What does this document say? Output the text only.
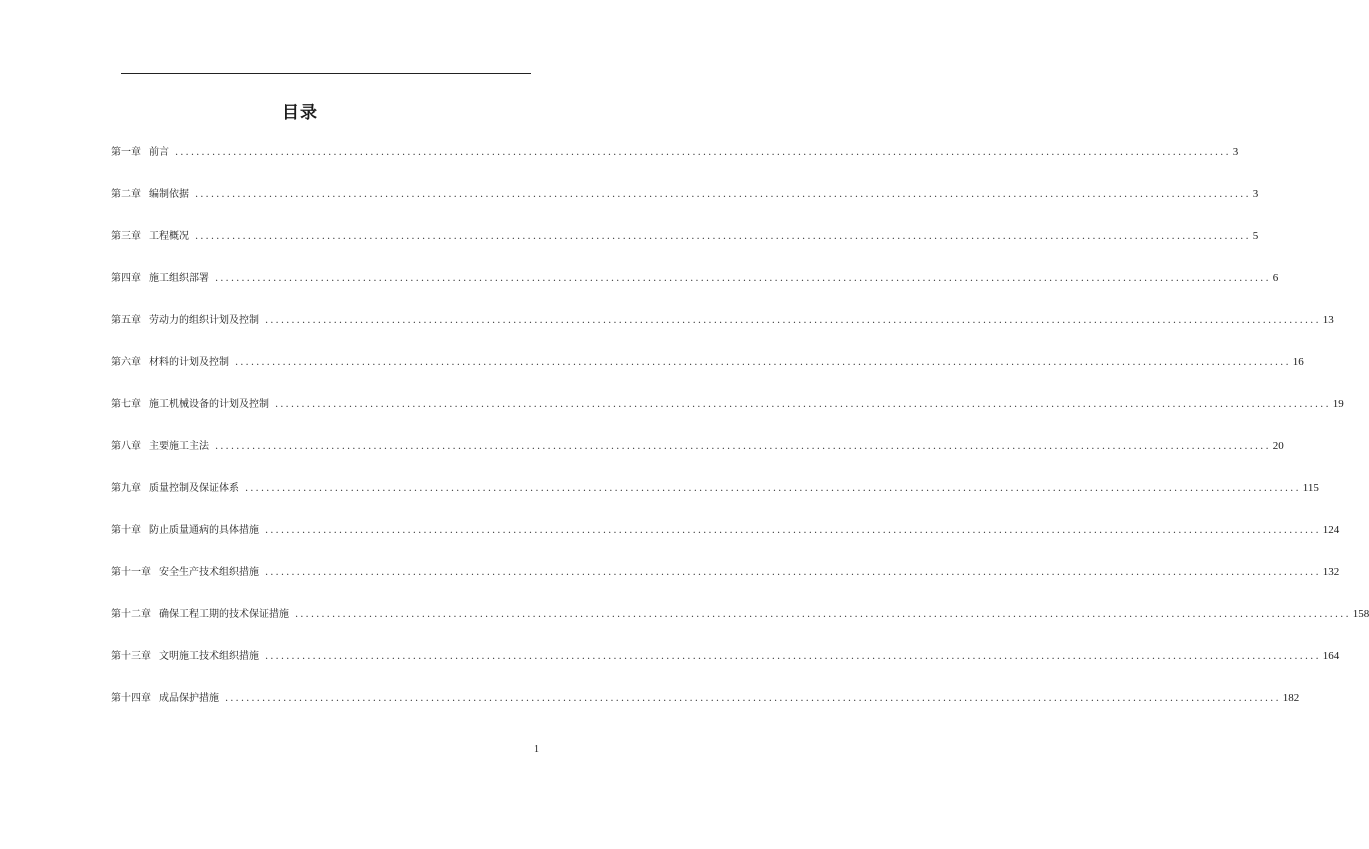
目录
第一章 前言 ........................................................................................................................................................................................................ 3
第二章 编制依据 ........................................................................................................................................................................................................ 3
第三章 工程概况 ........................................................................................................................................................................................................ 5
第四章 施工组织部署 ........................................................................................................................................................................................................ 6
第五章 劳动力的组织计划及控制 ........................................................................................................................................................................................................ 13
第六章 材料的计划及控制 ........................................................................................................................................................................................................ 16
第七章 施工机械设备的计划及控制 ........................................................................................................................................................................................................ 19
第八章 主要施工主法 ........................................................................................................................................................................................................ 20
第九章 质量控制及保证体系 ........................................................................................................................................................................................................ 115
第十章 防止质量通病的具体措施 ........................................................................................................................................................................................................ 124
第十一章 安全生产技术组织措施 ........................................................................................................................................................................................................ 132
第十二章 确保工程工期的技术保证措施 ........................................................................................................................................................................................................ 158
第十三章 文明施工技术组织措施 ........................................................................................................................................................................................................ 164
第十四章 成品保护措施 ........................................................................................................................................................................................................ 182
1
